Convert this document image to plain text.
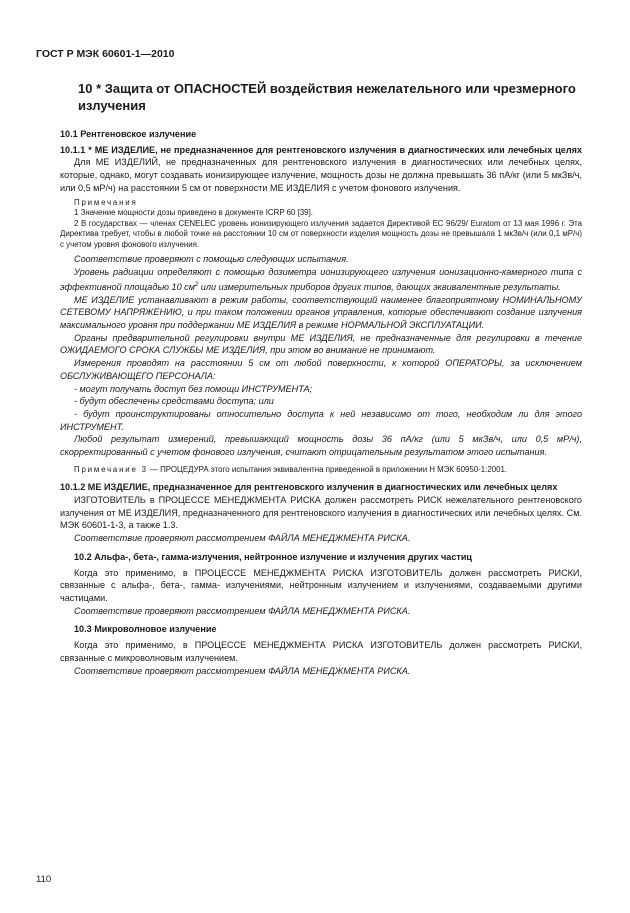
ГОСТ Р МЭК 60601-1—2010
10 * Защита от ОПАСНОСТЕЙ воздействия нежелательного или чрезмерного излучения
10.1 Рентгеновское излучение
10.1.1 * МЕ ИЗДЕЛИЕ, не предназначенное для рентгеновского излучения в диагностических или лечебных целях

Для МЕ ИЗДЕЛИЙ, не предназначенных для рентгеновского излучения в диагностических или лечебных целях, которые, однако, могут создавать ионизирующее излучение, мощность дозы не должна превышать 36 пА/кг (или 5 мкЗв/ч, или 0,5 мР/ч) на расстоянии 5 см от поверхности МЕ ИЗДЕЛИЯ с учетом фонового излучения.

Примечания

1 Значение мощности дозы приведено в документе ICRP 60 [39].

2 В государствах — членах CENELEC уровень ионизирующего излучения задается Директивой ЕС 96/29/ Euratom от 13 мая 1996 г. Эта Директива требует, чтобы в любой точке на расстоянии 10 см от поверхности изделия мощность дозы не превышала 1 мкЗв/ч (или 0,1 мР/ч) с учетом уровня фонового излучения.

Соответствие проверяют с помощью следующих испытания.

Уровень радиации определяют с помощью дозиметра ионизирующего излучения ионизационно-камерного типа с эффективной площадью 10 $см^2$ или измерительных приборов других типов, дающих эквивалентные результаты.

МЕ ИЗДЕЛИЕ устанавливают в режим работы, соответствующий наименее благоприятному НОМИНАЛЬНОМУ СЕТЕВОМУ НАПРЯЖЕНИЮ, и при таком положении органов управления, которые обеспечивают создание излучения максимального уровня при поддержании МЕ ИЗДЕЛИЯ в режиме НОРМАЛЬНОЙ ЭКСПЛУАТАЦИИ.

Органы предварительной регулировки внутри МЕ ИЗДЕЛИЯ, не предназначенные для регулировки в течение ОЖИДАЕМОГО СРОКА СЛУЖБЫ МЕ ИЗДЕЛИЯ, при этом во внимание не принимают.

Измерения проводят на расстоянии 5 см от любой поверхности, к которой ОПЕРАТОРЫ, за исключением ОБСЛУЖИВАЮЩЕГО ПЕРСОНАЛА:

- могут получать доступ без помощи ИНСТРУМЕНТА;

- будут обеспечены средствами доступа; или

- будут проинструктированы относительно доступа к ней независимо от того, необходим ли для этого ИНСТРУМЕНТ.

Любой результат измерений, превышающий мощность дозы 36 пА/кг (или 5 мкЗв/ч, или 0,5 мР/ч), скорректированный с учетом фонового излучения, считают отрицательным результатом этого испытания.

Примечание 3 — ПРОЦЕДУРА этого испытания эквивалентна приведенной в приложении Н МЭК 60950-1:2001.

10.1.2 МЕ ИЗДЕЛИЕ, предназначенное для рентгеновского излучения в диагностических или лечебных целях

ИЗГОТОВИТЕЛЬ в ПРОЦЕССЕ МЕНЕДЖМЕНТА РИСКА должен рассмотреть РИСК нежелательного рентгеновского излучения от МЕ ИЗДЕЛИЯ, предназначенного для рентгеновского излучения в диагностических или лечебных целях. См. МЭК 60601-1-3, а также 1.3.

Соответствие проверяют рассмотрением ФАЙЛА МЕНЕДЖМЕНТА РИСКА.

10.2 Альфа-, бета-, гамма-излучения, нейтронное излучение и излучения других частиц

Когда это применимо, в ПРОЦЕССЕ МЕНЕДЖМЕНТА РИСКА ИЗГОТОВИТЕЛЬ должен рассмотреть РИСКИ, связанные с альфа-, бета-, гамма- излучениями, нейтронным излучением и излучениями, создаваемыми другими частицами.

Соответствие проверяют рассмотрением ФАЙЛА МЕНЕДЖМЕНТА РИСКА.

10.3 Микроволновое излучение

Когда это применимо, в ПРОЦЕССЕ МЕНЕДЖМЕНТА РИСКА ИЗГОТОВИТЕЛЬ должен рассмотреть РИСКИ, связанные с микроволновым излучением.

Соответствие проверяют рассмотрением ФАЙЛА МЕНЕДЖМЕНТА РИСКА.

110
